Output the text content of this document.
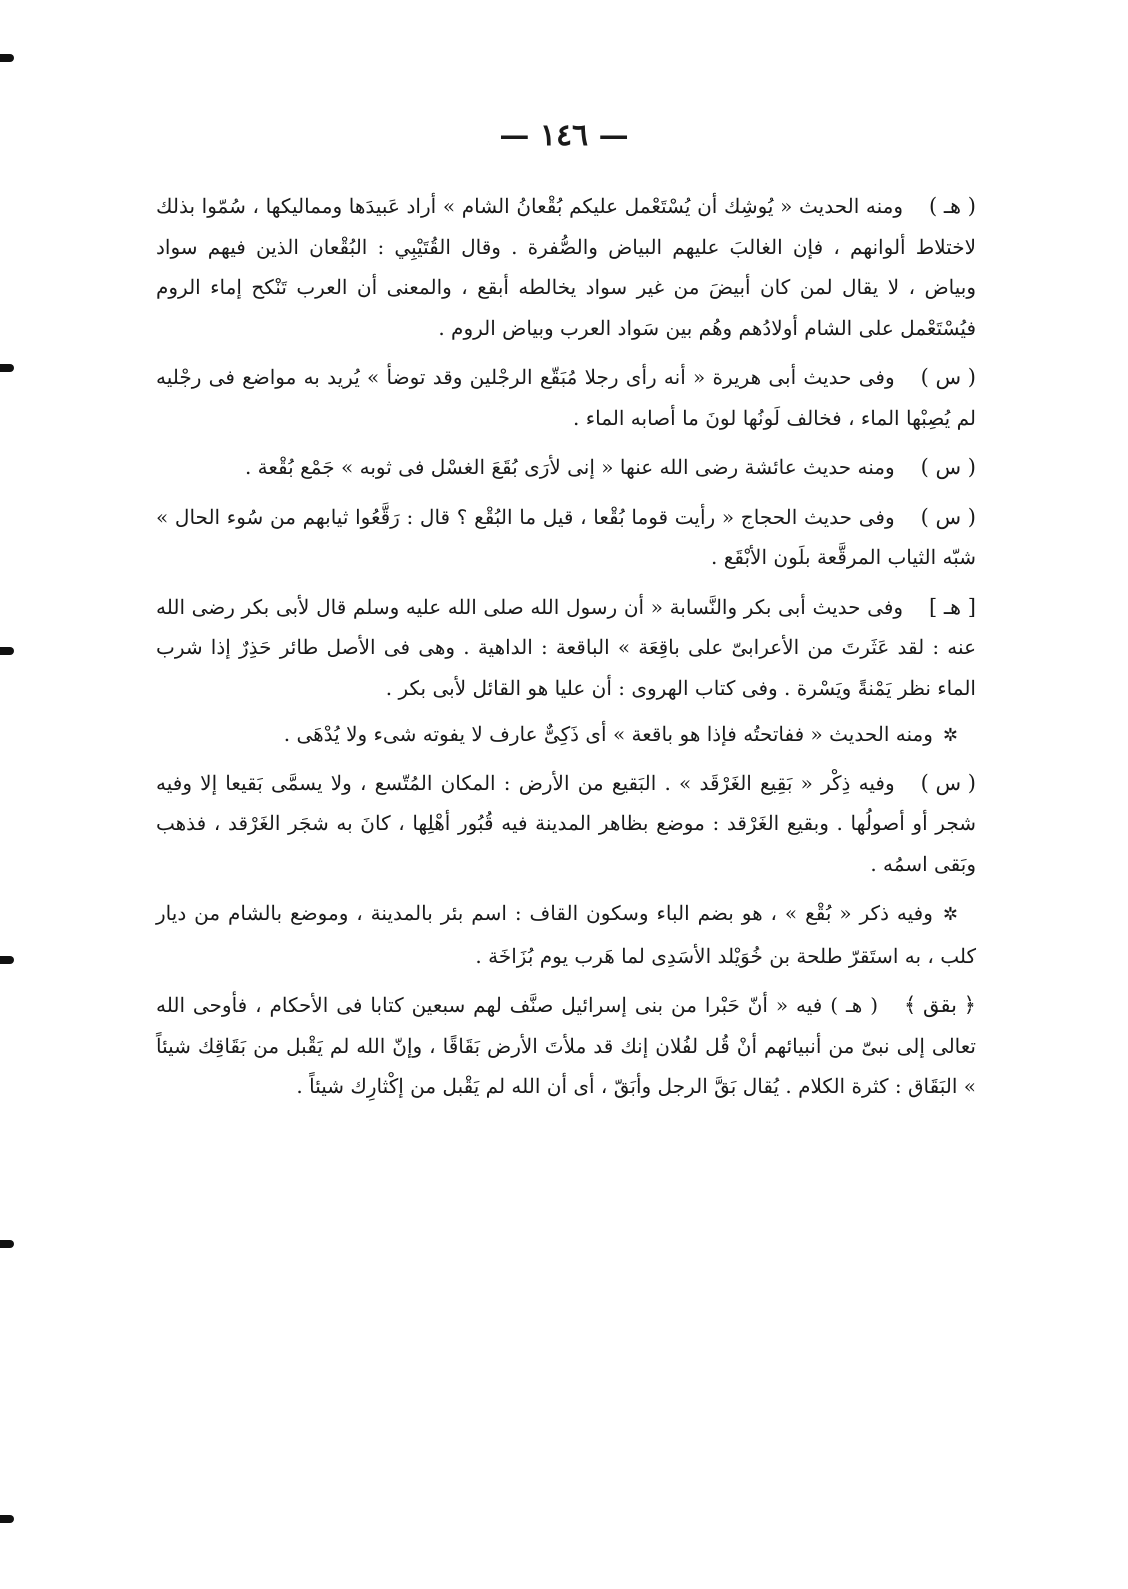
— ١٤٦ —

( هـ )ومنه الحديث « يُوشِك أن يُسْتَعْمل عليكم بُقْعانُ الشام » أراد عَبيدَها ومماليكها ، سُمّوا بذلك لاختلاط ألوانهم ، فإن الغالبَ عليهم البياض والصُّفرة . وقال القُتَيْبِي : البُقْعان الذين فيهم سواد وبياض ، لا يقال لمن كان أبيضَ من غير سواد يخالطه أبقع ، والمعنى أن العرب تَنْكح إماء الروم فيُسْتَعْمل على الشام أولادُهم وهُم بين سَواد العرب وبياض الروم .

( س )وفى حديث أبى هريرة « أنه رأى رجلا مُبَقّع الرجْلين وقد توضأ » يُريد به مواضع فى رجْليه لم يُصِبْها الماء ، فخالف لَونُها لونَ ما أصابه الماء .

( س )ومنه حديث عائشة رضى الله عنها « إنى لأرَى بُقَعَ الغسْل فى ثوبه » جَمْع بُقْعة .

( س )وفى حديث الحجاج « رأيت قوما بُقْعا ، قيل ما البُقْع ؟ قال : رَقَّعُوا ثيابهم من سُوء الحال » شبّه الثياب المرقَّعة بلَون الأبْقَع .

[ هـ ]وفى حديث أبى بكر والنَّسابة « أن رسول الله صلى الله عليه وسلم قال لأبى بكر رضى الله عنه : لقد عَثَرتَ من الأعرابىّ على باقِعَة » الباقعة : الداهية . وهى فى الأصل طائر حَذِرٌ إذا شرب الماء نظر يَمْنةً ويَسْرة . وفى كتاب الهروى : أن عليا هو القائل لأبى بكر .

✲ومنه الحديث « ففاتحتُه فإذا هو باقعة » أى ذَكِىٌّ عارف لا يفوته شىء ولا يُدْهَى .

( س )وفيه ذِكْر « بَقِيع الغَرْقَد » . البَقيع من الأرض : المكان المُتّسع ، ولا يسمَّى بَقيعا إلا وفيه شجر أو أصولُها . وبقيع الغَرْقد : موضع بظاهر المدينة فيه قُبُور أهْلِها ، كانَ به شجَر الغَرْقد ، فذهب وبَقى اسمُه .

✲وفيه ذكر « بُقْع » ، هو بضم الباء وسكون القاف : اسم بئر بالمدينة ، وموضع بالشام من ديار كلب ، به استَقرّ طلحة بن خُوَيْلد الأسَدِى لما هَرب يوم بُزَاخَة .

﴿ بقق ﴾( هـ ) فيه « أنّ حَبْرا من بنى إسرائيل صنَّف لهم سبعين كتابا فى الأحكام ، فأوحى الله تعالى إلى نبىّ من أنبيائهم أنْ قُل لفُلان إنك قد ملأتَ الأرض بَقَاقًا ، وإنّ الله لم يَقْبل من بَقَاقِك شيئاً » البَقَاق : كثرة الكلام . يُقال بَقَّ الرجل وأبَقّ ، أى أن الله لم يَقْبل من إكْثارِك شيئاً .
